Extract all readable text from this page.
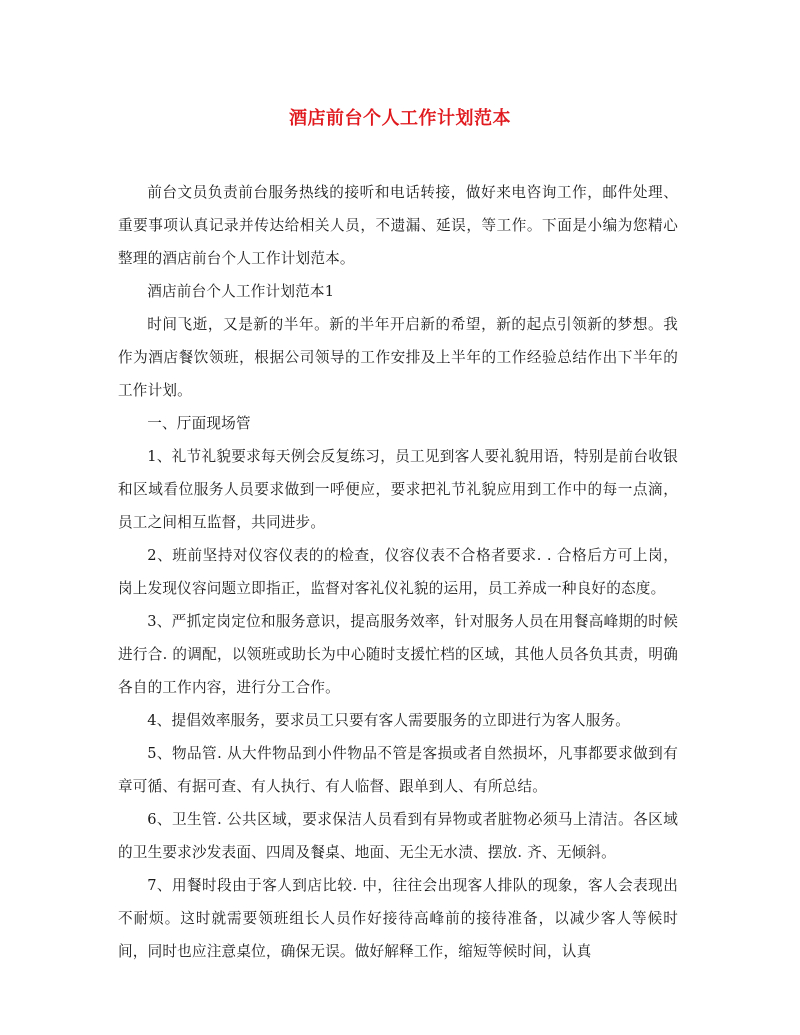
酒店前台个人工作计划范本

前台文员负责前台服务热线的接听和电话转接，做好来电咨询工作，邮件处理、重要事项认真记录并传达给相关人员，不遗漏、延误，等工作。下面是小编为您精心整理的酒店前台个人工作计划范本。

酒店前台个人工作计划范本1

时间飞逝，又是新的半年。新的半年开启新的希望，新的起点引领新的梦想。我作为酒店餐饮领班，根据公司领导的工作安排及上半年的工作经验总结作出下半年的工作计划。

一、厅面现场管

1、礼节礼貌要求每天例会反复练习，员工见到客人要礼貌用语，特别是前台收银和区域看位服务人员要求做到一呼便应，要求把礼节礼貌应用到工作中的每一点滴，员工之间相互监督，共同进步。

2、班前坚持对仪容仪表的的检查，仪容仪表不合格者要求. . 合格后方可上岗，岗上发现仪容问题立即指正，监督对客礼仪礼貌的运用，员工养成一种良好的态度。

3、严抓定岗定位和服务意识，提高服务效率，针对服务人员在用餐高峰期的时候进行合. 的调配，以领班或助长为中心随时支援忙档的区域，其他人员各负其责，明确各自的工作内容，进行分工合作。

4、提倡效率服务，要求员工只要有客人需要服务的立即进行为客人服务。

5、物品管. 从大件物品到小件物品不管是客损或者自然损坏，凡事都要求做到有章可循、有据可查、有人执行、有人临督、跟单到人、有所总结。

6、卫生管. 公共区域，要求保洁人员看到有异物或者脏物必须马上清洁。各区域的卫生要求沙发表面、四周及餐桌、地面、无尘无水渍、摆放. 齐、无倾斜。

7、用餐时段由于客人到店比较. 中，往往会出现客人排队的现象，客人会表现出不耐烦。这时就需要领班组长人员作好接待高峰前的接待准备，以减少客人等候时间，同时也应注意桌位，确保无误。做好解释工作，缩短等候时间，认真
